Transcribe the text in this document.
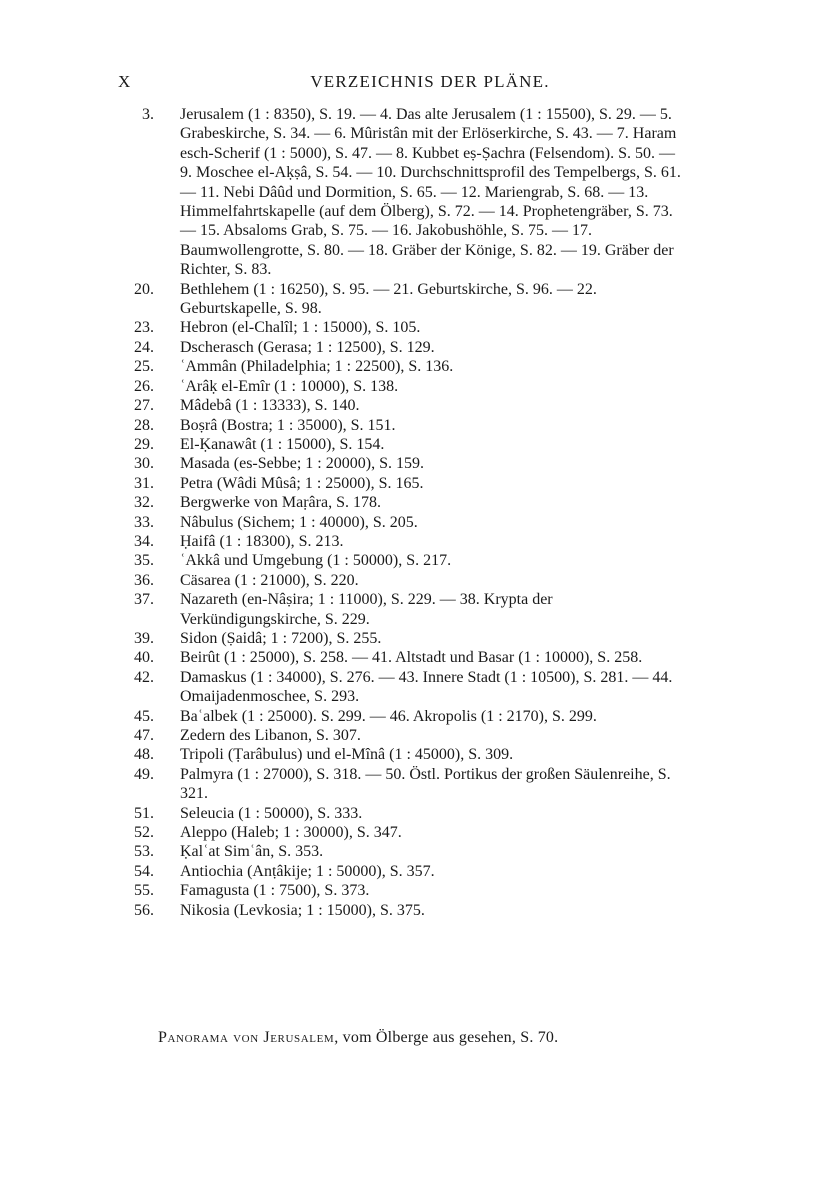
X	VERZEICHNIS DER PLÄNE.
3. Jerusalem (1 : 8350), S. 19. — 4. Das alte Jerusalem (1 : 15500), S. 29. — 5. Grabeskirche, S. 34. — 6. Mûristân mit der Erlöserkirche, S. 43. — 7. Haram esch-Scherif (1 : 5000), S. 47. — 8. Kubbet eṣ-Ṣachra (Felsendom). S. 50. — 9. Moschee el-Aḳṣâ, S. 54. — 10. Durchschnittsprofil des Tempelbergs, S. 61. — 11. Nebi Dâûd und Dormition, S. 65. — 12. Mariengrab, S. 68. — 13. Himmelfahrtskapelle (auf dem Ölberg), S. 72. — 14. Prophetengräber, S. 73. — 15. Absaloms Grab, S. 75. — 16. Jakobushöhle, S. 75. — 17. Baumwollengrotte, S. 80. — 18. Gräber der Könige, S. 82. — 19. Gräber der Richter, S. 83.
20. Bethlehem (1 : 16250), S. 95. — 21. Geburtskirche, S. 96. — 22. Geburtskapelle, S. 98.
23. Hebron (el-Chalîl; 1 : 15000), S. 105.
24. Dscherasch (Gerasa; 1 : 12500), S. 129.
25. ʿAmmân (Philadelphia; 1 : 22500), S. 136.
26. ʿArâḳ el-Emîr (1 : 10000), S. 138.
27. Mâdebâ (1 : 13333), S. 140.
28. Boṣrâ (Bostra; 1 : 35000), S. 151.
29. El-Ḳanawât (1 : 15000), S. 154.
30. Masada (es-Sebbe; 1 : 20000), S. 159.
31. Petra (Wâdi Mûsâ; 1 : 25000), S. 165.
32. Bergwerke von Maṛâra, S. 178.
33. Nâbulus (Sichem; 1 : 40000), S. 205.
34. Ḥaifâ (1 : 18300), S. 213.
35. ʿAkkâ und Umgebung (1 : 50000), S. 217.
36. Cäsarea (1 : 21000), S. 220.
37. Nazareth (en-Nâṣira; 1 : 11000), S. 229. — 38. Krypta der Verkündigungskirche, S. 229.
39. Sidon (Ṣaidâ; 1 : 7200), S. 255.
40. Beirût (1 : 25000), S. 258. — 41. Altstadt und Basar (1 : 10000), S. 258.
42. Damaskus (1 : 34000), S. 276. — 43. Innere Stadt (1 : 10500), S. 281. — 44. Omaijadenmoschee, S. 293.
45. Baʿalbek (1 : 25000). S. 299. — 46. Akropolis (1 : 2170), S. 299.
47. Zedern des Libanon, S. 307.
48. Tripoli (Ṭarâbulus) und el-Mînâ (1 : 45000), S. 309.
49. Palmyra (1 : 27000), S. 318. — 50. Östl. Portikus der großen Säulenreihe, S. 321.
51. Seleucia (1 : 50000), S. 333.
52. Aleppo (Haleb; 1 : 30000), S. 347.
53. Ḳalʿat Simʿân, S. 353.
54. Antiochia (Anṭâkije; 1 : 50000), S. 357.
55. Famagusta (1 : 7500), S. 373.
56. Nikosia (Levkosia; 1 : 15000), S. 375.
Panorama von Jerusalem, vom Ölberge aus gesehen, S. 70.
